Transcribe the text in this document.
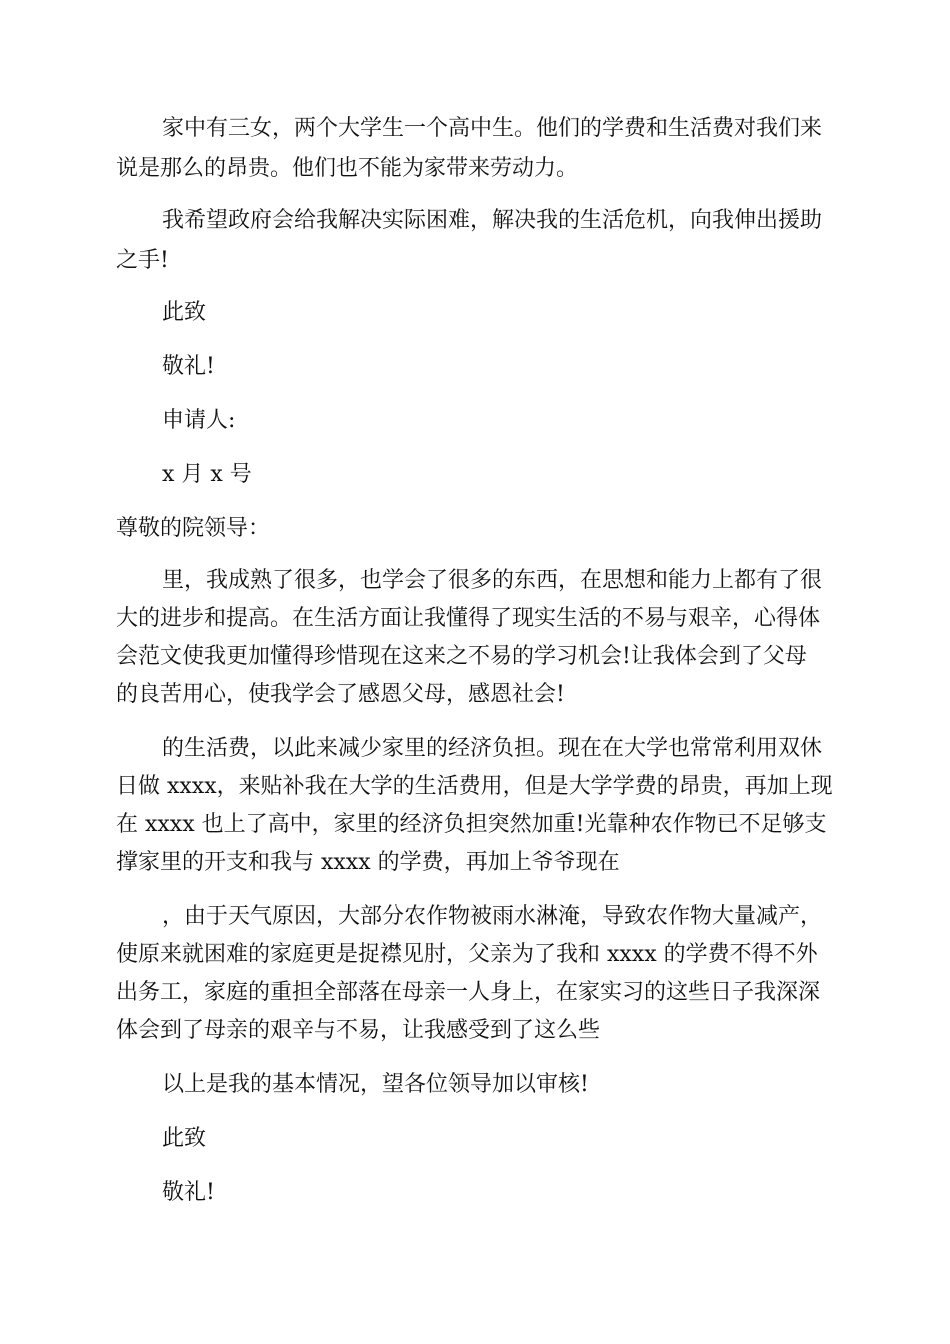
家中有三女，两个大学生一个高中生。他们的学费和生活费对我们来

说是那么的昂贵。他们也不能为家带来劳动力。

我希望政府会给我解决实际困难，解决我的生活危机，向我伸出援助

之手!

此致

敬礼!

申请人:

x 月 x 号

尊敬的院领导：

里，我成熟了很多，也学会了很多的东西，在思想和能力上都有了很

大的进步和提高。在生活方面让我懂得了现实生活的不易与艰辛，心得体

会范文使我更加懂得珍惜现在这来之不易的学习机会!让我体会到了父母

的良苦用心，使我学会了感恩父母，感恩社会!

的生活费，以此来减少家里的经济负担。现在在大学也常常利用双休

日做 xxxx，来贴补我在大学的生活费用，但是大学学费的昂贵，再加上现

在 xxxx 也上了高中，家里的经济负担突然加重!光靠种农作物已不足够支

撑家里的开支和我与 xxxx 的学费，再加上爷爷现在

，由于天气原因，大部分农作物被雨水淋淹，导致农作物大量减产，

使原来就困难的家庭更是捉襟见肘，父亲为了我和 xxxx 的学费不得不外

出务工，家庭的重担全部落在母亲一人身上，在家实习的这些日子我深深

体会到了母亲的艰辛与不易，让我感受到了这么些

以上是我的基本情况，望各位领导加以审核!

此致

敬礼!
